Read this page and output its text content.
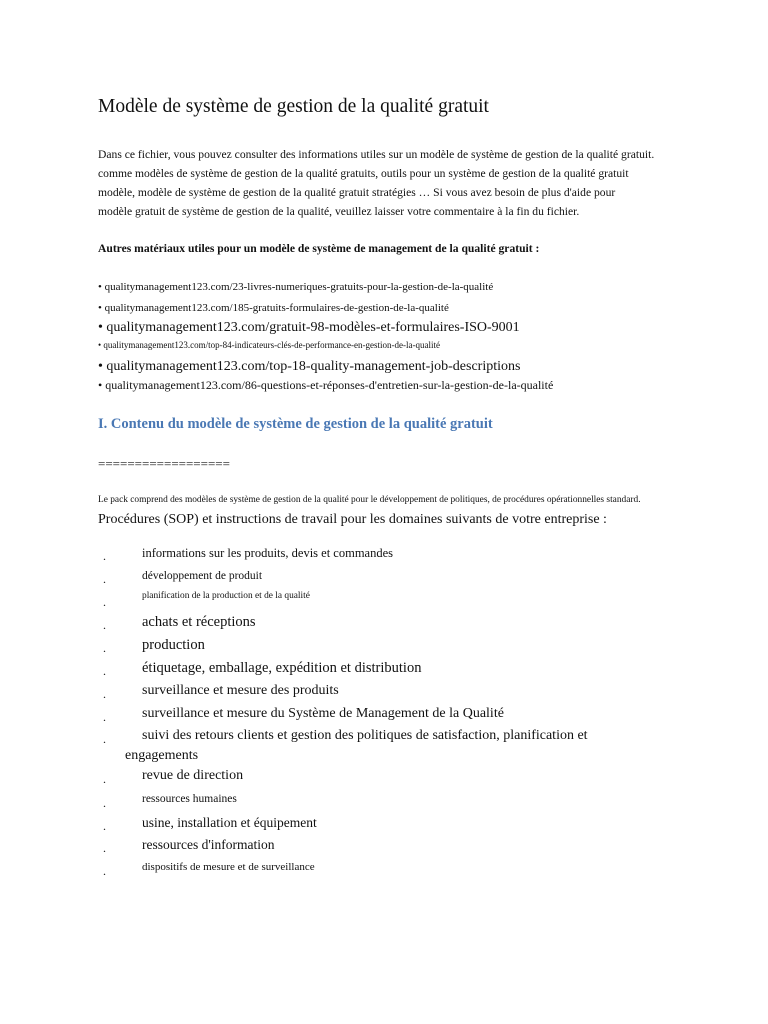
Modèle de système de gestion de la qualité gratuit
Dans ce fichier, vous pouvez consulter des informations utiles sur un modèle de système de gestion de la qualité gratuit.
comme modèles de système de gestion de la qualité gratuits, outils pour un système de gestion de la qualité gratuit
modèle, modèle de système de gestion de la qualité gratuit stratégies … Si vous avez besoin de plus d'aide pour
modèle gratuit de système de gestion de la qualité, veuillez laisser votre commentaire à la fin du fichier.
Autres matériaux utiles pour un modèle de système de management de la qualité gratuit :
• qualitymanagement123.com/23-livres-numeriques-gratuits-pour-la-gestion-de-la-qualité
• qualitymanagement123.com/185-gratuits-formulaires-de-gestion-de-la-qualité
• qualitymanagement123.com/gratuit-98-modèles-et-formulaires-ISO-9001
• qualitymanagement123.com/top-84-indicateurs-clés-de-performance-en-gestion-de-la-qualité
• qualitymanagement123.com/top-18-quality-management-job-descriptions
• qualitymanagement123.com/86-questions-et-réponses-d'entretien-sur-la-gestion-de-la-qualité
I. Contenu du modèle de système de gestion de la qualité gratuit
==================
Le pack comprend des modèles de système de gestion de la qualité pour le développement de politiques, de procédures opérationnelles standard.
Procédures (SOP) et instructions de travail pour les domaines suivants de votre entreprise :
.	informations sur les produits, devis et commandes
.	développement de produit
.	planification de la production et de la qualité
. achats et réceptions
. production
. étiquetage, emballage, expédition et distribution
.	surveillance et mesure des produits
.	surveillance et mesure du Système de Management de la Qualité
.	suivi des retours clients et gestion des politiques de satisfaction, planification et
engagements
.	revue de direction
.	ressources humaines
.	usine, installation et équipement
.	ressources d'information
.	dispositifs de mesure et de surveillance
